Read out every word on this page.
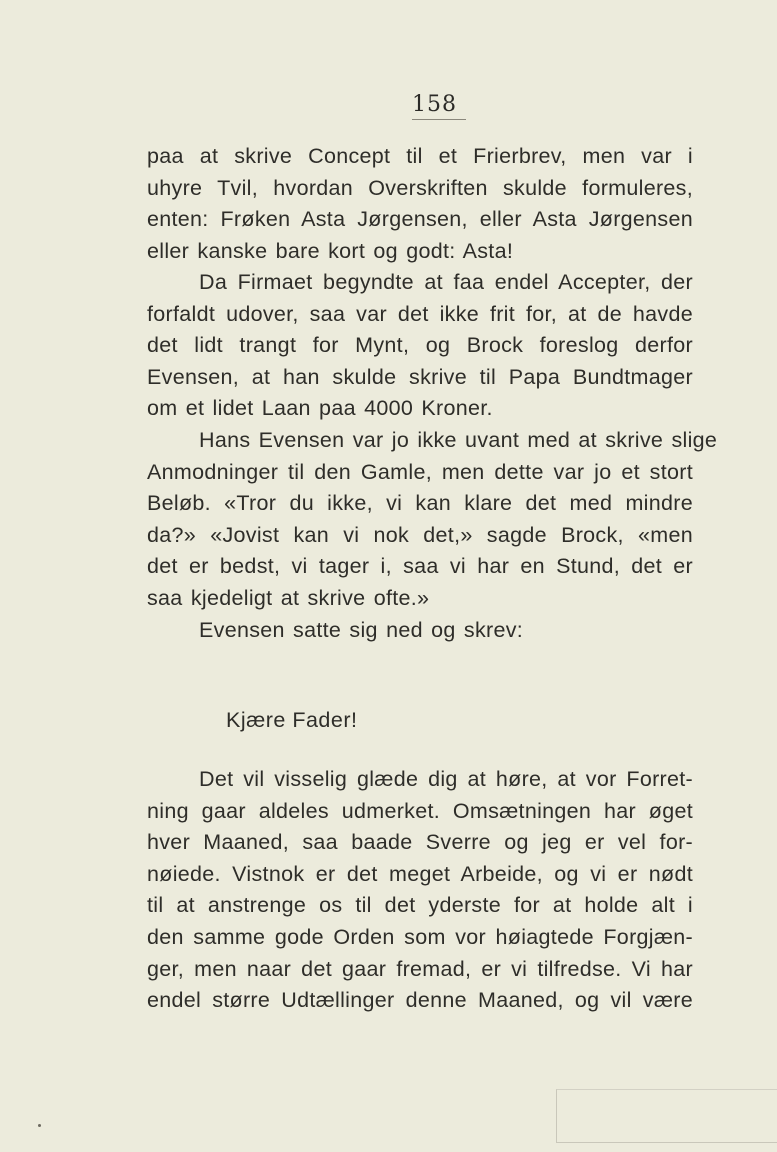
158
paa at skrive Concept til et Frierbrev, men var i
uhyre Tvil, hvordan Overskriften skulde formuleres,
enten: Frøken Asta Jørgensen, eller Asta Jørgensen
eller kanske bare kort og godt: Asta!
Da Firmaet begyndte at faa endel Accepter, der
forfaldt udover, saa var det ikke frit for, at de havde
det lidt trangt for Mynt, og Brock foreslog derfor
Evensen, at han skulde skrive til Papa Bundtmager
om et lidet Laan paa 4000 Kroner.
Hans Evensen var jo ikke uvant med at skrive slige
Anmodninger til den Gamle, men dette var jo et stort
Beløb. «Tror du ikke, vi kan klare det med mindre
da?» «Jovist kan vi nok det,» sagde Brock, «men
det er bedst, vi tager i, saa vi har en Stund, det er
saa kjedeligt at skrive ofte.»
Evensen satte sig ned og skrev:
Kjære Fader!
Det vil visselig glæde dig at høre, at vor Forret-
ning gaar aldeles udmerket. Omsætningen har øget
hver Maaned, saa baade Sverre og jeg er vel for-
nøiede. Vistnok er det meget Arbeide, og vi er nødt
til at anstrenge os til det yderste for at holde alt i
den samme gode Orden som vor høiagtede Forgjæn-
ger, men naar det gaar fremad, er vi tilfredse. Vi har
endel større Udtællinger denne Maaned, og vil være
